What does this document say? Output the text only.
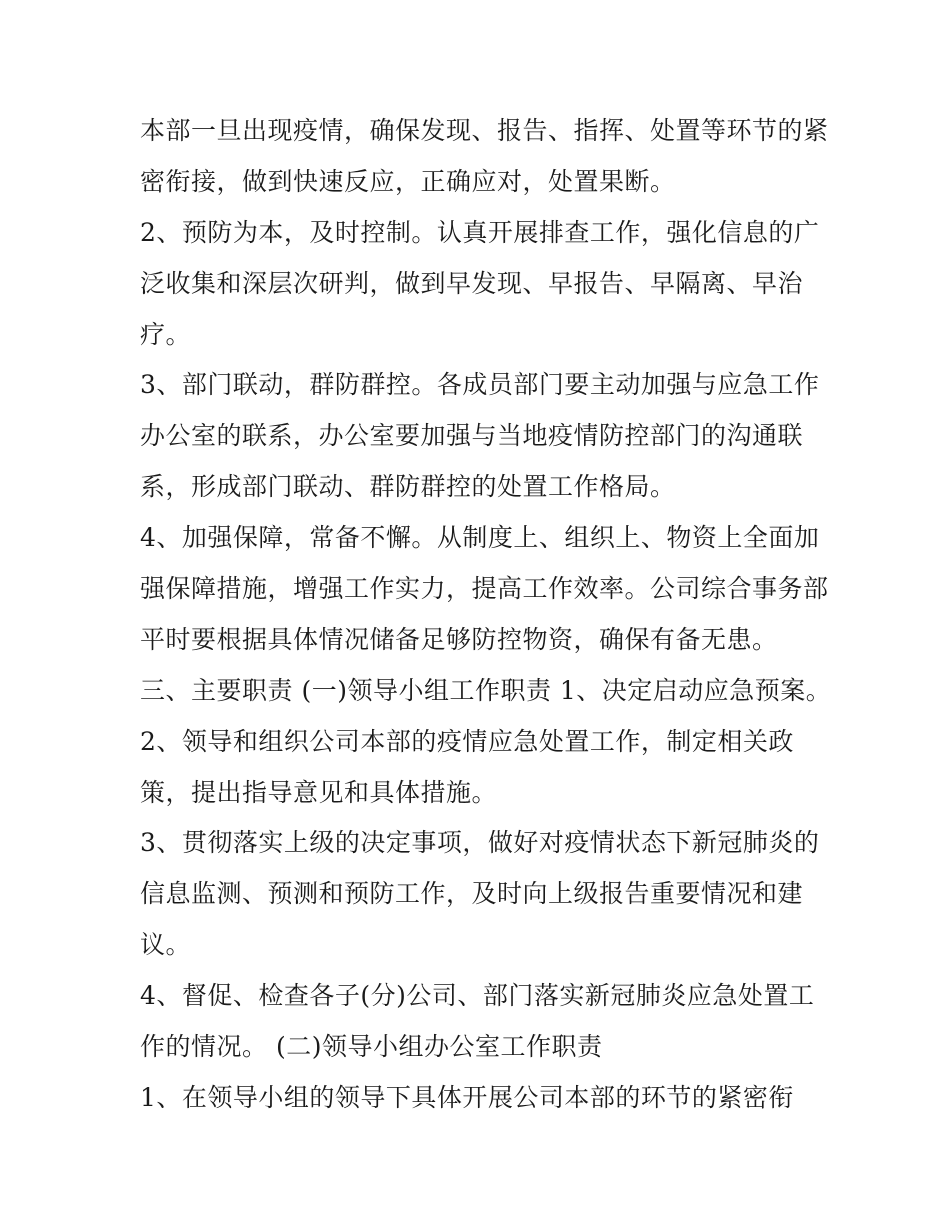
本部一旦出现疫情，确保发现、报告、指挥、处置等环节的紧
密衔接，做到快速反应，正确应对，处置果断。
2、预防为本，及时控制。认真开展排查工作，强化信息的广
泛收集和深层次研判，做到早发现、早报告、早隔离、早治
疗。
3、部门联动，群防群控。各成员部门要主动加强与应急工作
办公室的联系，办公室要加强与当地疫情防控部门的沟通联
系，形成部门联动、群防群控的处置工作格局。
4、加强保障，常备不懈。从制度上、组织上、物资上全面加
强保障措施，增强工作实力，提高工作效率。公司综合事务部
平时要根据具体情况储备足够防控物资，确保有备无患。
三、主要职责 (一)领导小组工作职责 1、决定启动应急预案。
2、领导和组织公司本部的疫情应急处置工作，制定相关政
策，提出指导意见和具体措施。
3、贯彻落实上级的决定事项，做好对疫情状态下新冠肺炎的
信息监测、预测和预防工作，及时向上级报告重要情况和建
议。
4、督促、检查各子(分)公司、部门落实新冠肺炎应急处置工
作的情况。 (二)领导小组办公室工作职责
1、在领导小组的领导下具体开展公司本部的环节的紧密衔
